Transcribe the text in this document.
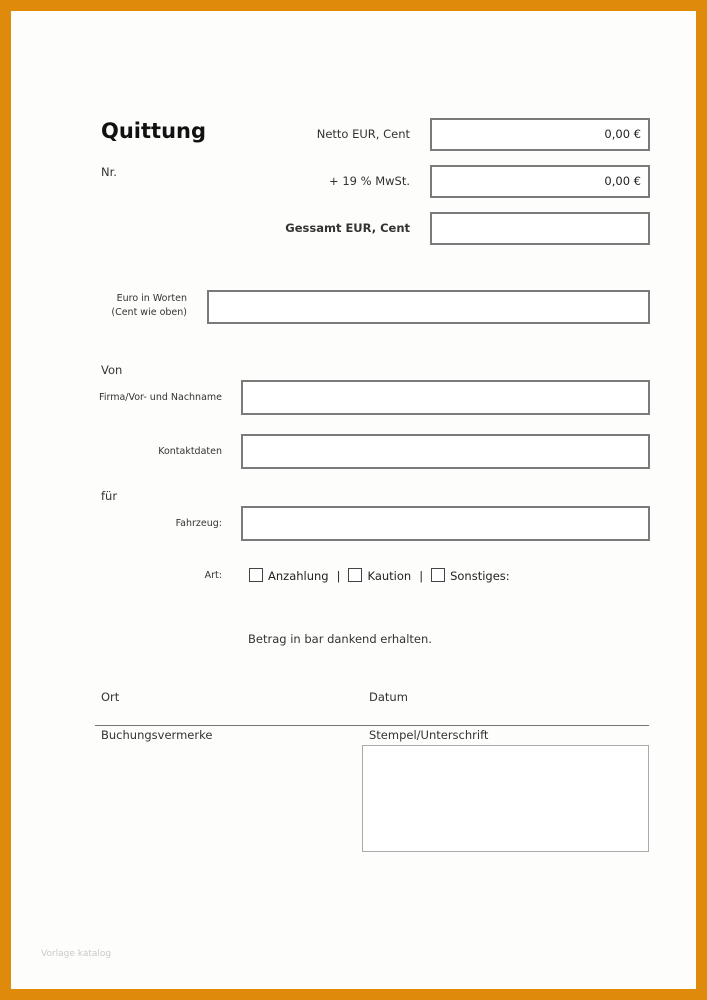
Quittung
Nr.
Netto EUR, Cent	0,00 €
+ 19 % MwSt.	0,00 €
Gessamt EUR, Cent
Euro in Worten
(Cent wie oben)
Von
Firma/Vor- und Nachname
Kontaktdaten
für
Fahrzeug:
Art:	Anzahlung | Kaution | Sonstiges:
Betrag in bar dankend erhalten.
Ort	Datum
Buchungsvermerke	Stempel/Unterschrift
Vorlage katalog
